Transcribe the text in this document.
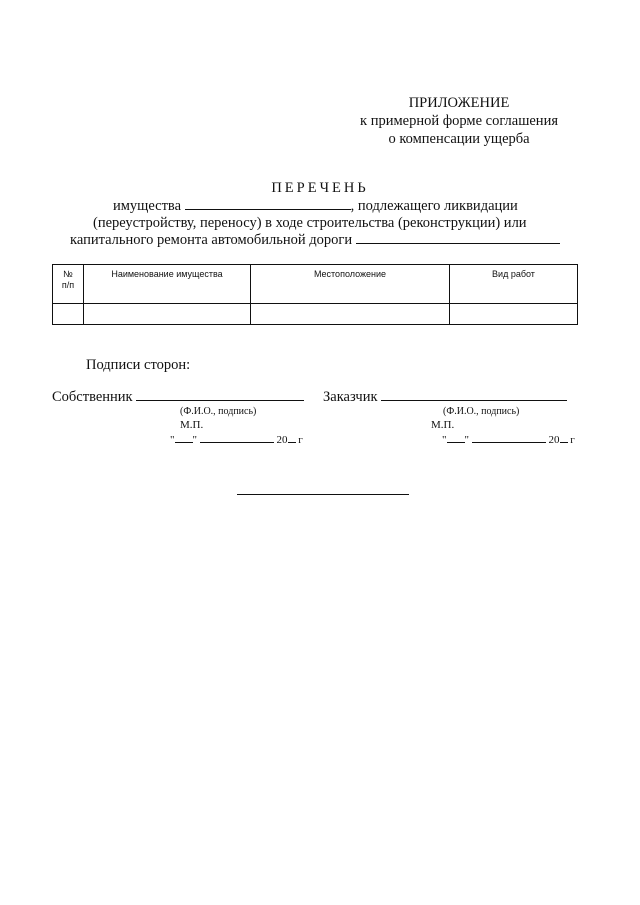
ПРИЛОЖЕНИЕ
к примерной форме соглашения
о компенсации ущерба
ПЕРЕЧЕНЬ
имущества	, подлежащего ликвидации
(переустройству, переносу) в ходе строительства (реконструкции) или
капитального ремонта автомобильной дороги
№
п/п	Наименование имущества	Местоположение	Вид работ

Подписи сторон:
Собственник
(Ф.И.О., подпись)
М.П.
" "	20 г
Заказчик
(Ф.И.О., подпись)
М.П.
" "	20 г
